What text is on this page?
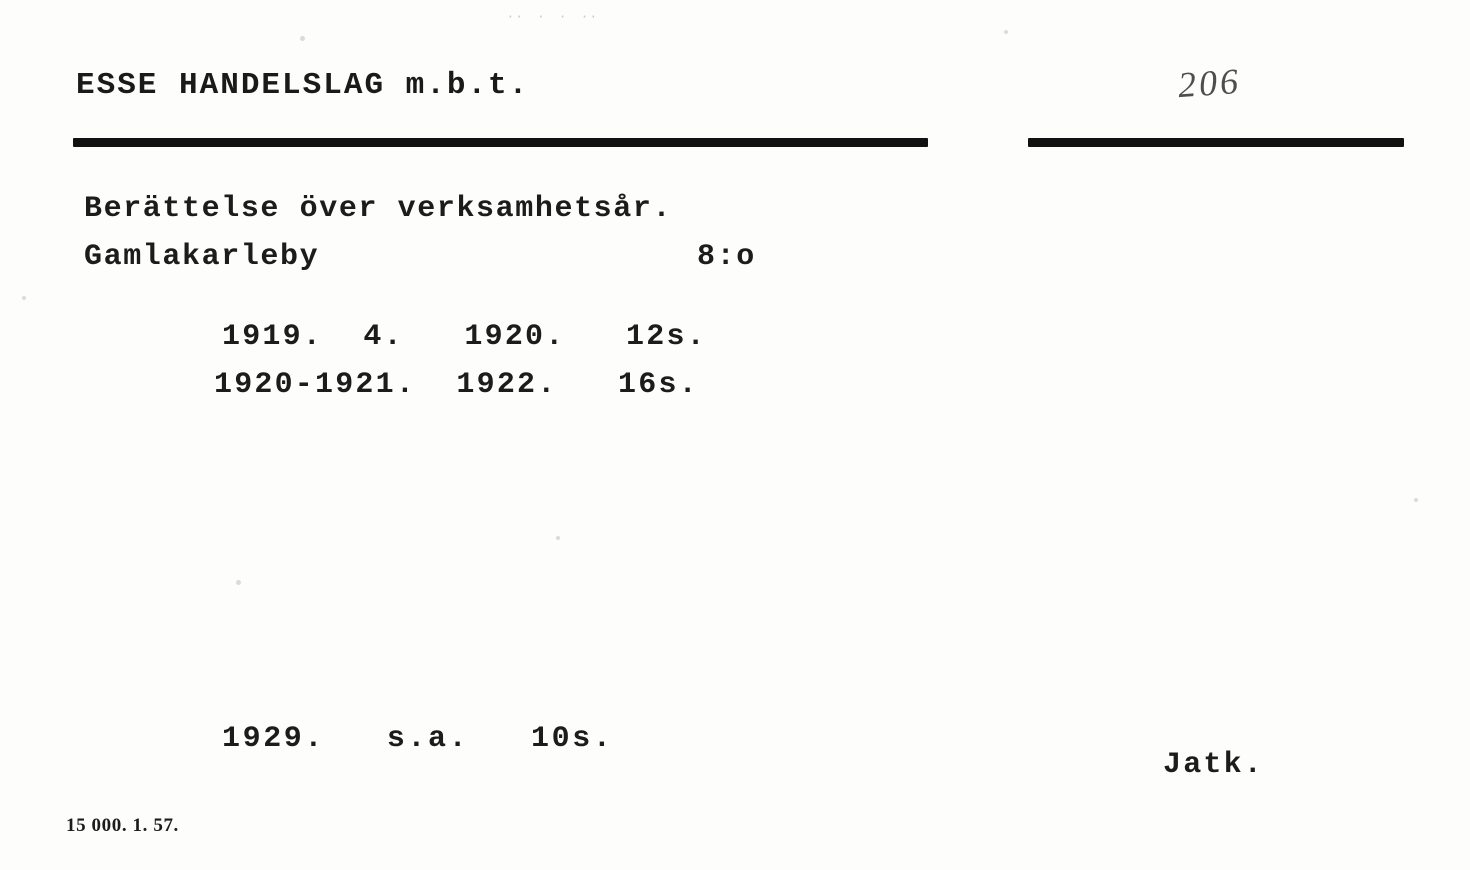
‧‧ ‧ ‧ ‧‧
ESSE HANDELSLAG m.b.t.	206
Berättelse över verksamhetsår.
Gamlakarleby	8:o
1919.  4.   1920.   12s.
1920-1921.  1922.   16s.
1929.   s.a.   10s.
Jatk.
15 000. 1. 57.
